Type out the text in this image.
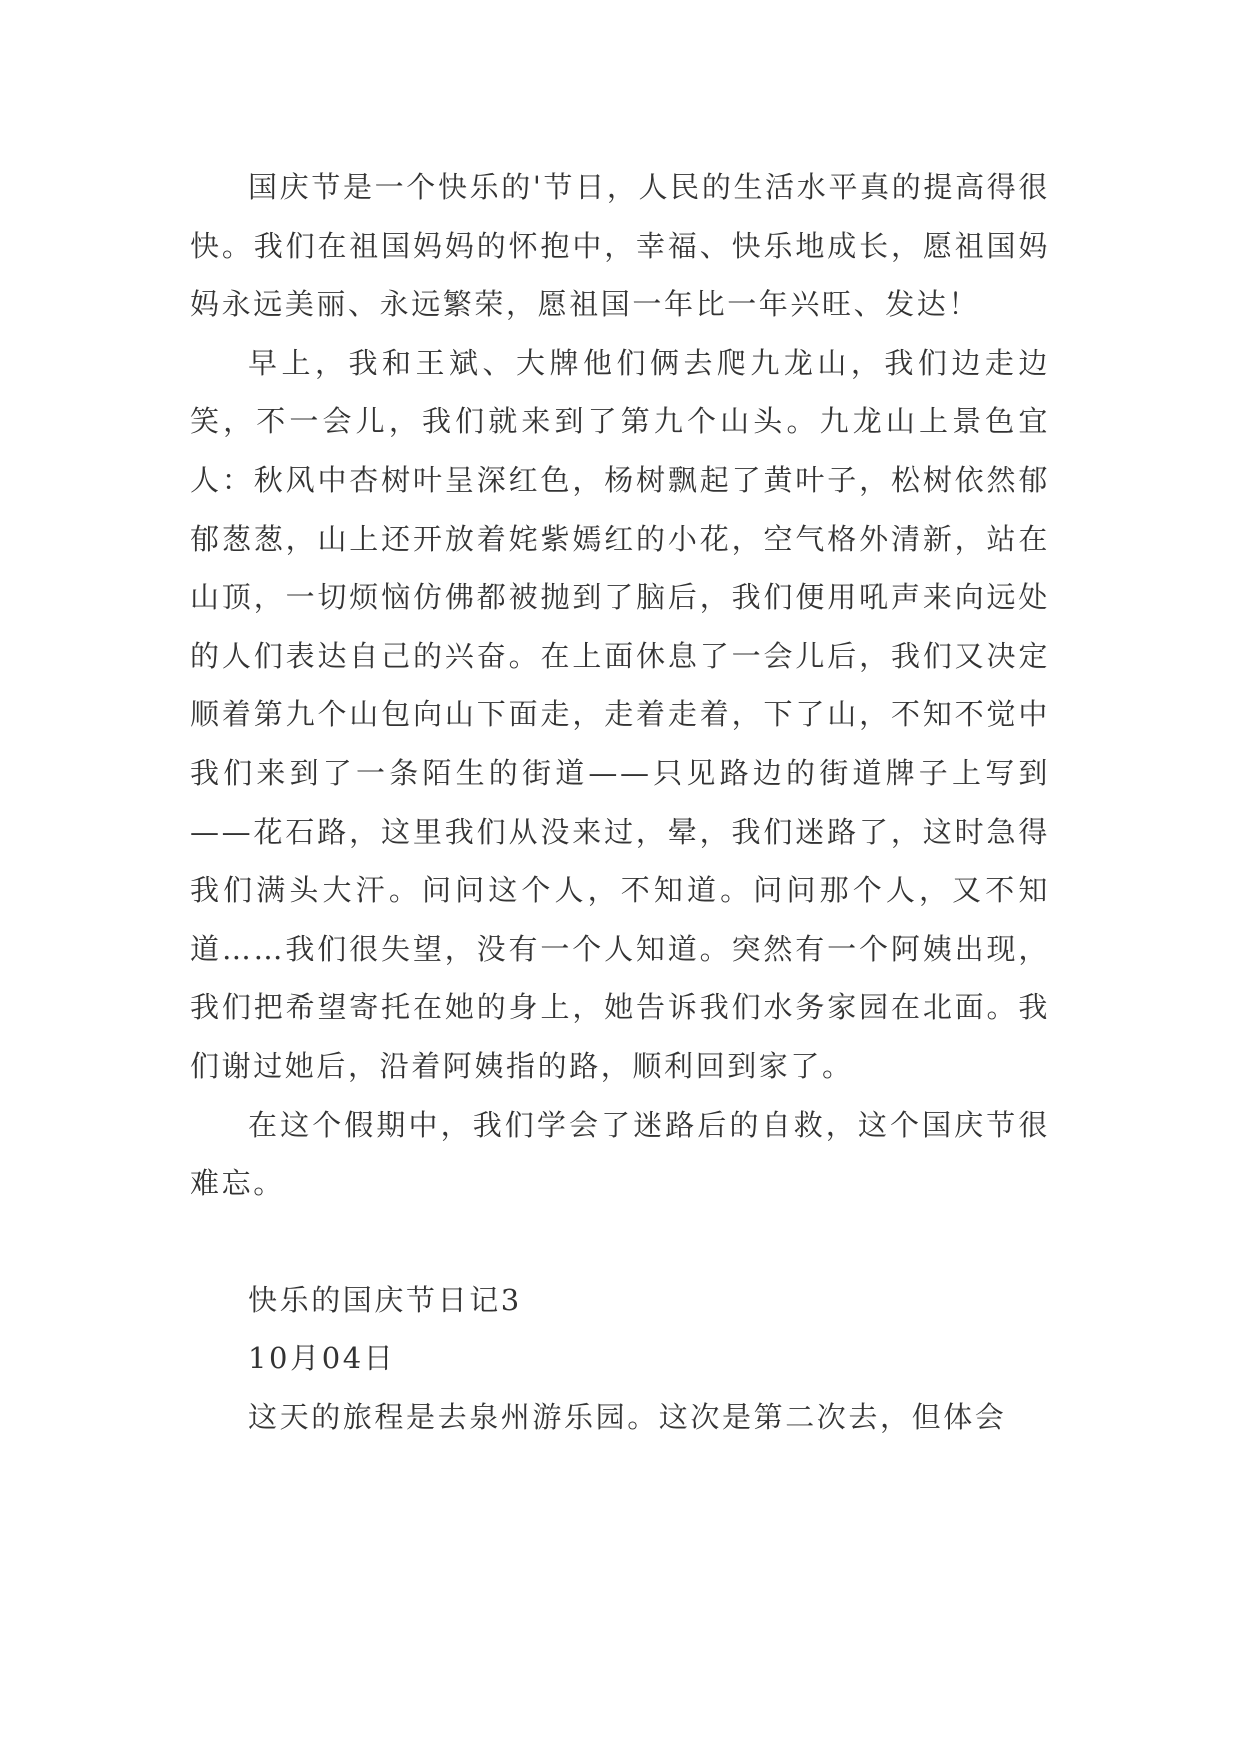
国庆节是一个快乐的'节日，人民的生活水平真的提高得很快。我们在祖国妈妈的怀抱中，幸福、快乐地成长，愿祖国妈妈永远美丽、永远繁荣，愿祖国一年比一年兴旺、发达！

早上，我和王斌、大牌他们俩去爬九龙山，我们边走边笑，不一会儿，我们就来到了第九个山头。九龙山上景色宜人：秋风中杏树叶呈深红色，杨树飘起了黄叶子，松树依然郁郁葱葱，山上还开放着姹紫嫣红的小花，空气格外清新，站在山顶，一切烦恼仿佛都被抛到了脑后，我们便用吼声来向远处的人们表达自己的兴奋。在上面休息了一会儿后，我们又决定顺着第九个山包向山下面走，走着走着，下了山，不知不觉中我们来到了一条陌生的街道——只见路边的街道牌子上写到——花石路，这里我们从没来过，晕，我们迷路了，这时急得我们满头大汗。问问这个人，不知道。问问那个人，又不知道……我们很失望，没有一个人知道。突然有一个阿姨出现，我们把希望寄托在她的身上，她告诉我们水务家园在北面。我们谢过她后，沿着阿姨指的路，顺利回到家了。

在这个假期中，我们学会了迷路后的自救，这个国庆节很难忘。

快乐的国庆节日记3

10月04日

这天的旅程是去泉州游乐园。这次是第二次去，但体会
